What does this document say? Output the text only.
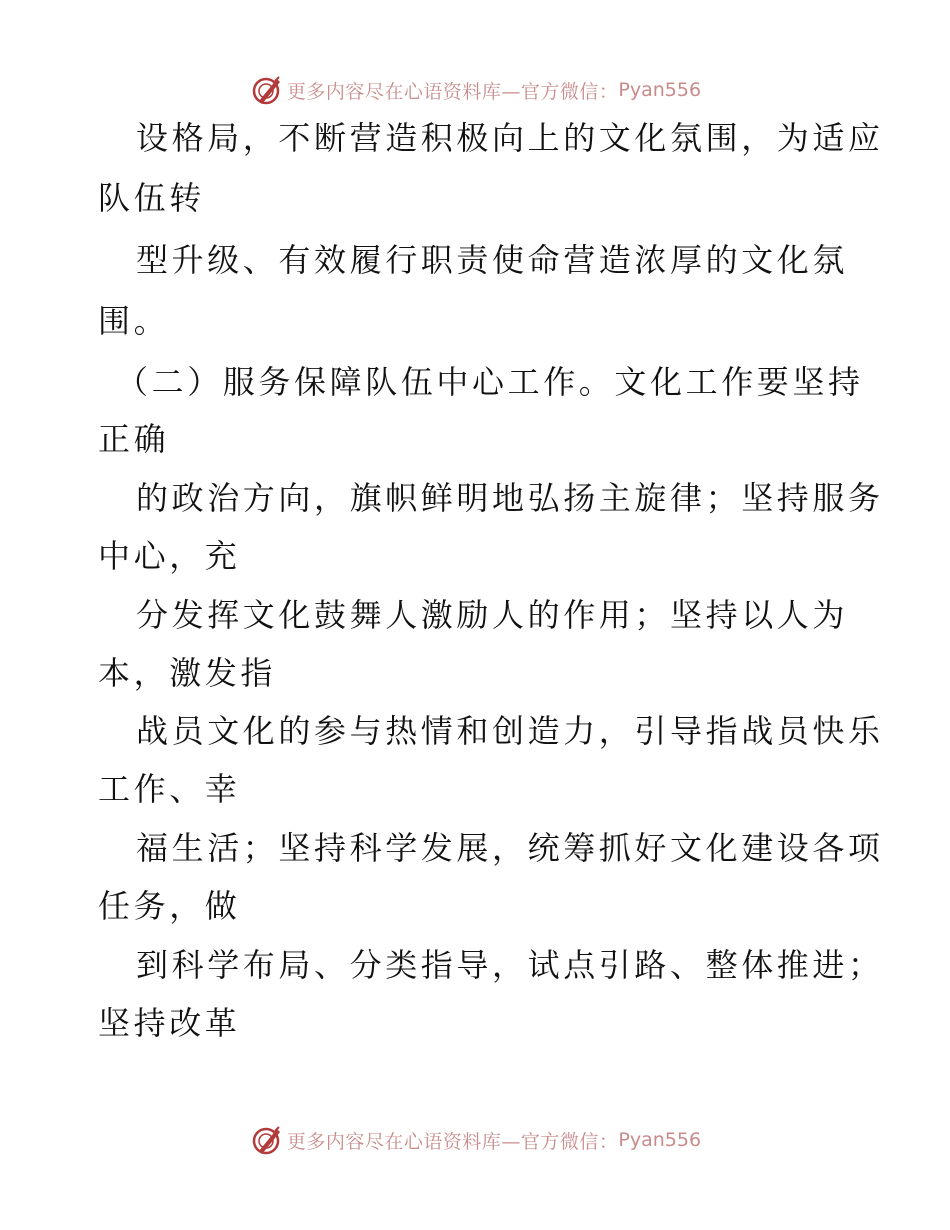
更多内容尽在心语资料库—官方微信： Pyan556
设格局，不断营造积极向上的文化氛围，为适应
队伍转
型升级、有效履行职责使命营造浓厚的文化氛
围。
（二）服务保障队伍中心工作。文化工作要坚持
正确
的政治方向，旗帜鲜明地弘扬主旋律；坚持服务
中心，充
分发挥文化鼓舞人激励人的作用；坚持以人为
本，激发指
战员文化的参与热情和创造力，引导指战员快乐
工作、幸
福生活；坚持科学发展，统筹抓好文化建设各项
任务，做
到科学布局、分类指导，试点引路、整体推进；
坚持改革
更多内容尽在心语资料库—官方微信： Pyan556
